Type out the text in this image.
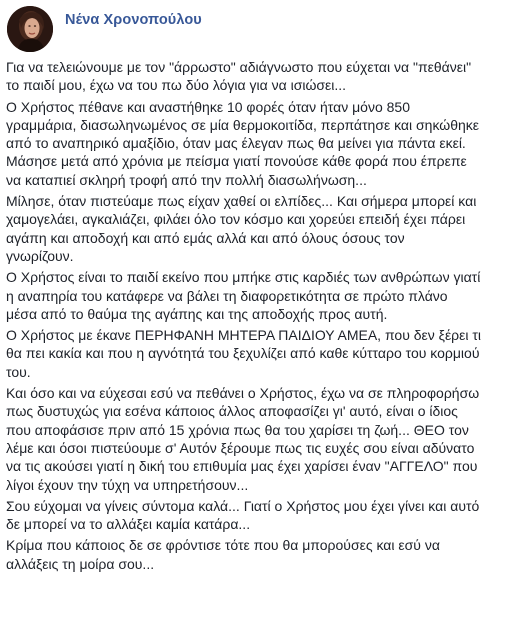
Νένα Χρονοπούλου
Για να τελειώνουμε με τον "άρρωστο" αδιάγνωστο που εύχεται να "πεθάνει"
το παιδί μου, έχω να του πω δύο λόγια για να ισιώσει...
Ο Χρήστος πέθανε και αναστήθηκε 10 φορές όταν ήταν μόνο 850
γραμμάρια, διασωληνωμένος σε μία θερμοκοιτίδα, περπάτησε και σηκώθηκε
από το αναπηρικό αμαξίδιο, όταν μας έλεγαν πως θα μείνει για πάντα εκεί.
Μάσησε μετά από χρόνια με πείσμα γιατί πονούσε κάθε φορά που έπρεπε
να καταπιεί σκληρή τροφή από την πολλή διασωλήνωση...
Μίλησε, όταν πιστεύαμε πως είχαν χαθεί οι ελπίδες... Και σήμερα μπορεί και
χαμογελάει, αγκαλιάζει, φιλάει όλο τον κόσμο και χορεύει επειδή έχει πάρει
αγάπη και αποδοχή και από εμάς αλλά και από όλους όσους τον
γνωρίζουν.
Ο Χρήστος είναι το παιδί εκείνο που μπήκε στις καρδιές των ανθρώπων γιατί
η αναπηρία του κατάφερε να βάλει τη διαφορετικότητα σε πρώτο πλάνο
μέσα από το θαύμα της αγάπης και της αποδοχής προς αυτή.
Ο Χρήστος με έκανε ΠΕΡΗΦΑΝΗ ΜΗΤΕΡΑ ΠΑΙΔΙΟΥ ΑΜΕΑ, που δεν ξέρει τι
θα πει κακία και που η αγνότητά του ξεχυλίζει από καθε κύτταρο του κορμιού
του.
Και όσο και να εύχεσαι εσύ να πεθάνει ο Χρήστος, έχω να σε πληροφορήσω
πως δυστυχώς για εσένα κάποιος άλλος αποφασίζει γι' αυτό, είναι ο ίδιος
που αποφάσισε πριν από 15 χρόνια πως θα του χαρίσει τη ζωή... ΘΕΟ τον
λέμε και όσοι πιστεύουμε σ' Αυτόν ξέρουμε πως τις ευχές σου είναι αδύνατο
να τις ακούσει γιατί η δική του επιθυμία μας έχει χαρίσει έναν "ΑΓΓΕΛΟ" που
λίγοι έχουν την τύχη να υπηρετήσουν...
Σου εύχομαι να γίνεις σύντομα καλά... Γιατί ο Χρήστος μου έχει γίνει και αυτό
δε μπορεί να το αλλάξει καμία κατάρα...
Κρίμα που κάποιος δε σε φρόντισε τότε που θα μπορούσες και εσύ να
αλλάξεις τη μοίρα σου...
